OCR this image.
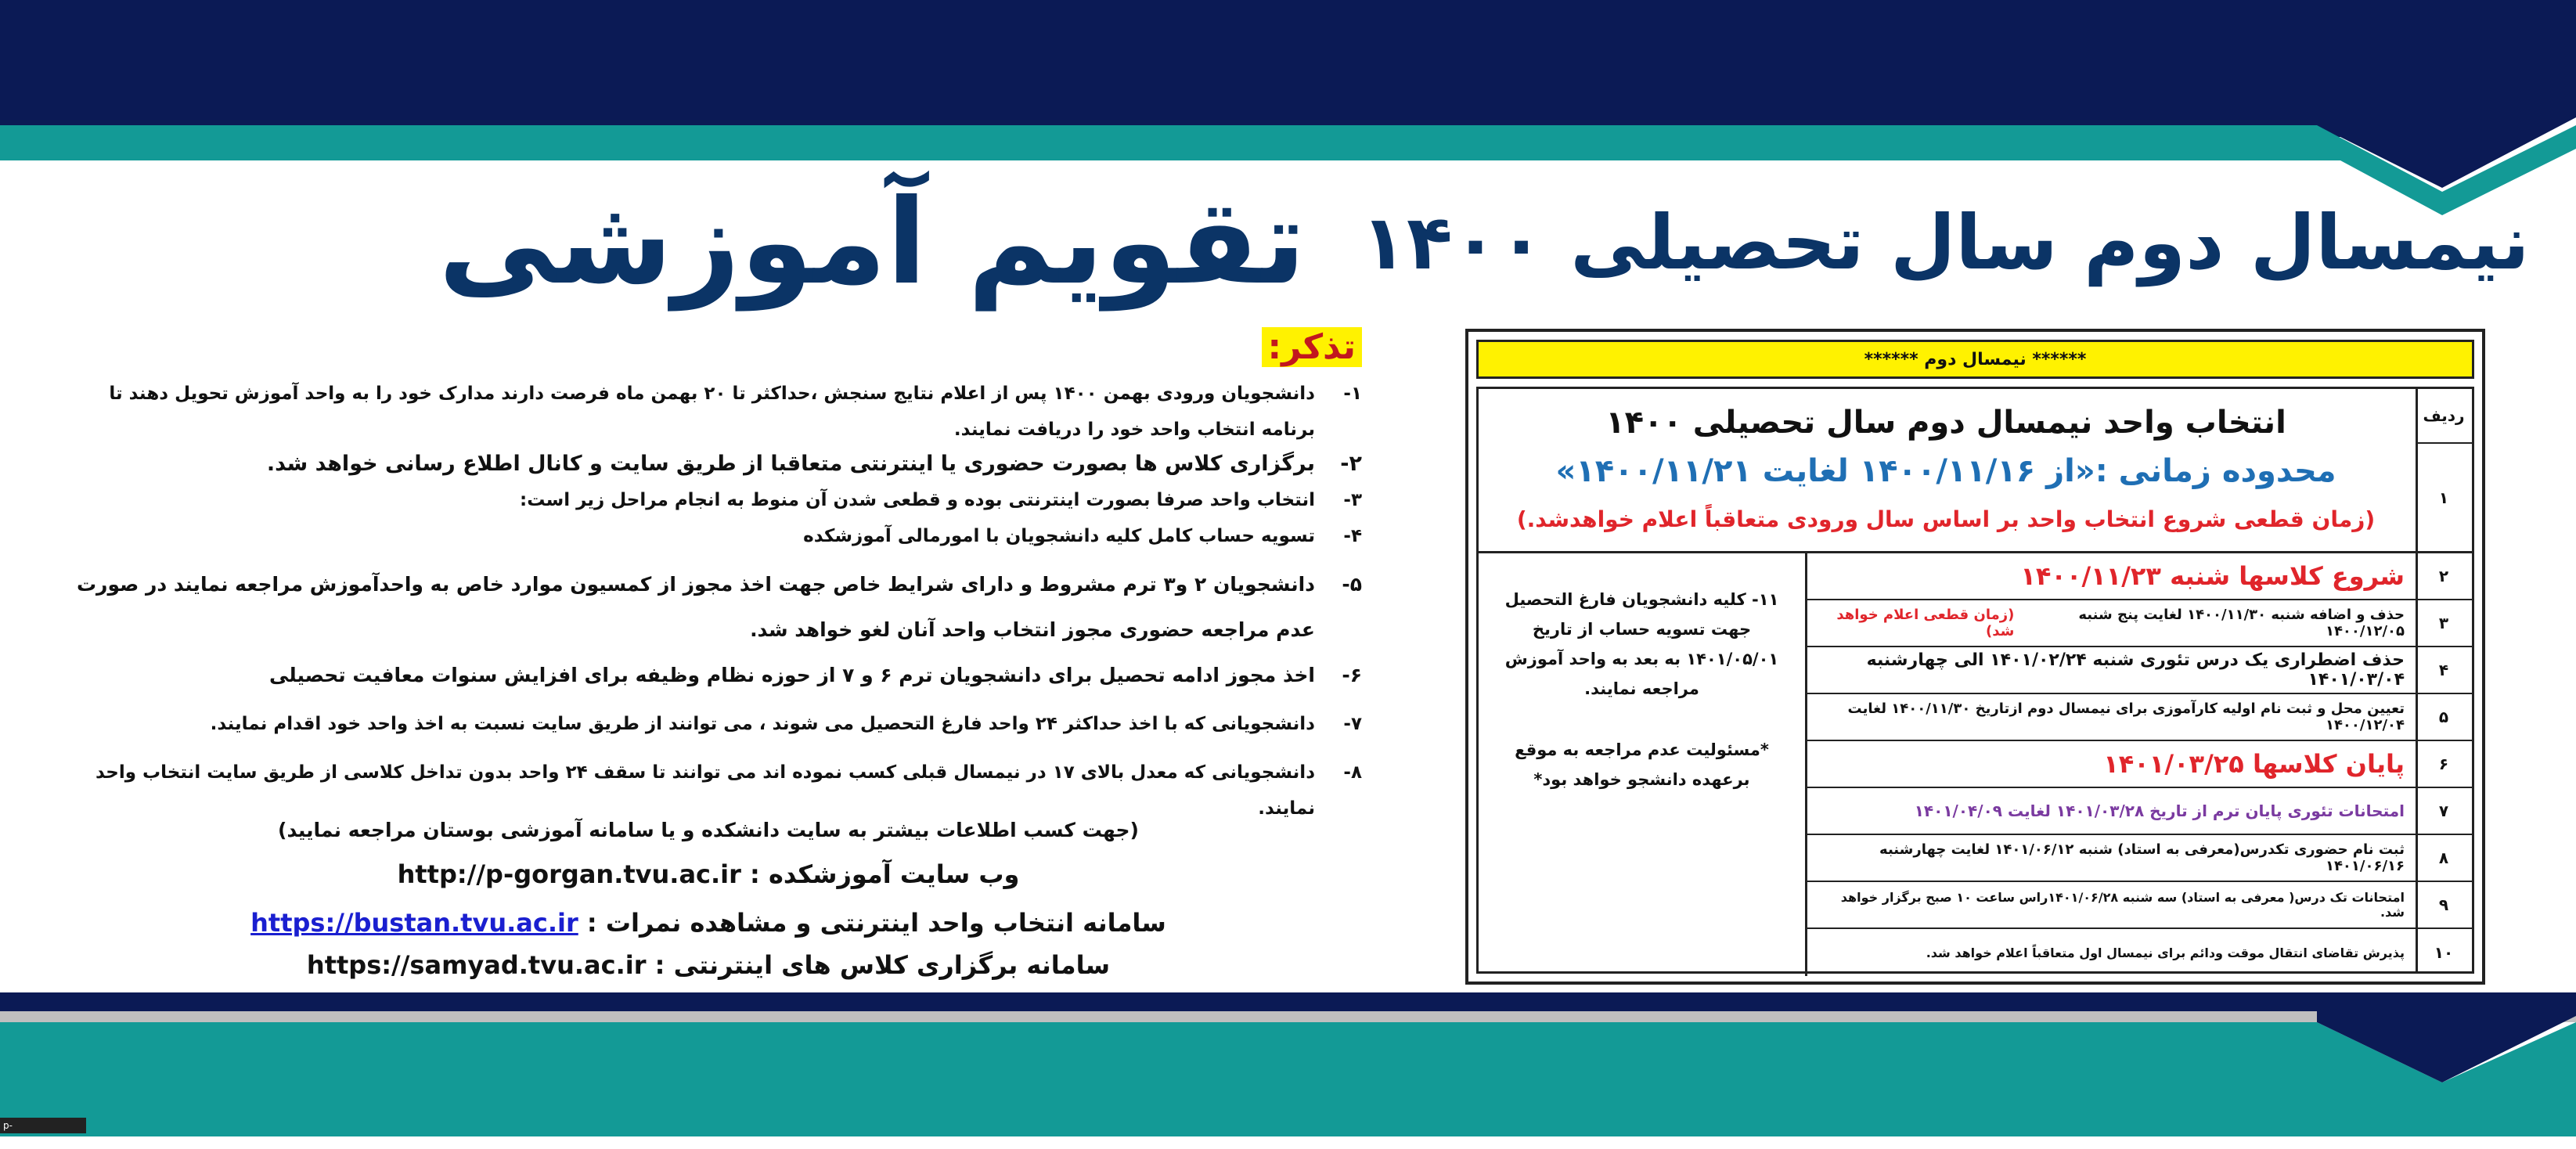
تقویم آموزشی نیمسال دوم سال تحصیلی ۱۴۰۰
****** نیمسال دوم ******
ردیف
۱
انتخاب واحد نیمسال دوم سال تحصیلی ۱۴۰۰
محدوده زمانی :«از ۱۴۰۰/۱۱/۱۶ لغایت ۱۴۰۰/۱۱/۲۱»
(زمان قطعی شروع انتخاب واحد بر اساس سال ورودی متعاقباً اعلام خواهدشد.)

۱۱- کلیه دانشجویان فارغ التحصیل جهت تسویه حساب از تاریخ ۱۴۰۱/۰۵/۰۱ به بعد به واحد آموزش مراجعه نمایند.

*مسئولیت عدم مراجعه به موقع برعهده دانشجو خواهد بود*

شروع کلاسها شنبه ۱۴۰۰/۱۱/۲۳
حذف و اضافه شنبه ۱۴۰۰/۱۱/۳۰ لغایت پنج شنبه ۱۴۰۰/۱۲/۰۵

(زمان قطعی اعلام خواهد شد)
حذف اضطراری یک درس تئوری شنبه ۱۴۰۱/۰۲/۲۴ الی چهارشنبه ۱۴۰۱/۰۳/۰۴
تعیین محل و ثبت نام اولیه کارآموزی برای نیمسال دوم ازتاریخ ۱۴۰۰/۱۱/۳۰ لغایت ۱۴۰۰/۱۲/۰۴
پایان کلاسها ۱۴۰۱/۰۳/۲۵
امتحانات تئوری پایان ترم از تاریخ ۱۴۰۱/۰۳/۲۸ لغایت ۱۴۰۱/۰۴/۰۹
ثبت نام حضوری تکدرس(معرفی به استاد) شنبه ۱۴۰۱/۰۶/۱۲ لغایت چهارشنبه ۱۴۰۱/۰۶/۱۶
امتحانات تک درس( معرفی به استاد) سه شنبه ۱۴۰۱/۰۶/۲۸راس ساعت ۱۰ صبح برگزار خواهد شد.
پذیرش تقاضای انتقال موقت ودائم برای نیمسال اول متعاقباً اعلام خواهد شد.
۲
۳
۴
۵
۶
۷
۸
۹
۱۰
تذکر:
۱-
دانشجویان ورودی بهمن ۱۴۰۰ پس از اعلام نتایج سنجش ،حداکثر تا ۲۰ بهمن ماه فرصت دارند مدارک خود را به واحد آموزش تحویل دهند تا برنامه انتخاب واحد خود را دریافت نمایند.
۲-
برگزاری کلاس ها بصورت حضوری یا اینترنتی متعاقبا از طریق سایت و کانال اطلاع رسانی خواهد شد.
۳-
انتخاب واحد صرفا بصورت اینترنتی بوده و قطعی شدن آن منوط به انجام مراحل زیر است:
۴-
تسویه حساب کامل کلیه دانشجویان با امورمالی آموزشکده
۵-
دانشجویان ۲ و۳ ترم مشروط و دارای شرایط خاص جهت اخذ مجوز از کمسیون موارد خاص به واحدآموزش مراجعه نمایند در صورت عدم مراجعه حضوری مجوز انتخاب واحد آنان لغو خواهد شد.
۶-
اخذ مجوز ادامه تحصیل برای دانشجویان ترم ۶ و ۷ از حوزه نظام وظیفه برای افزایش سنوات معافیت تحصیلی
۷-
دانشجویانی که با اخذ حداکثر ۲۴ واحد فارغ التحصیل می شوند ، می توانند از طریق سایت نسبت به اخذ واحد خود اقدام نمایند.
۸-
دانشجویانی که معدل بالای ۱۷ در نیمسال قبلی کسب نموده اند می توانند تا سقف ۲۴ واحد بدون تداخل کلاسی از طریق سایت انتخاب واحد نمایند.
(جهت کسب اطلاعات بیشتر به سایت دانشکده و یا سامانه آموزشی بوستان مراجعه نمایید)
وب سایت آموزشکده : http://p-gorgan.tvu.ac.ir
سامانه انتخاب واحد اینترنتی و مشاهده نمرات : https://bustan.tvu.ac.ir
سامانه برگزاری کلاس های اینترنتی : https://samyad.tvu.ac.ir
p-gorgan.tvu.ac.ir
